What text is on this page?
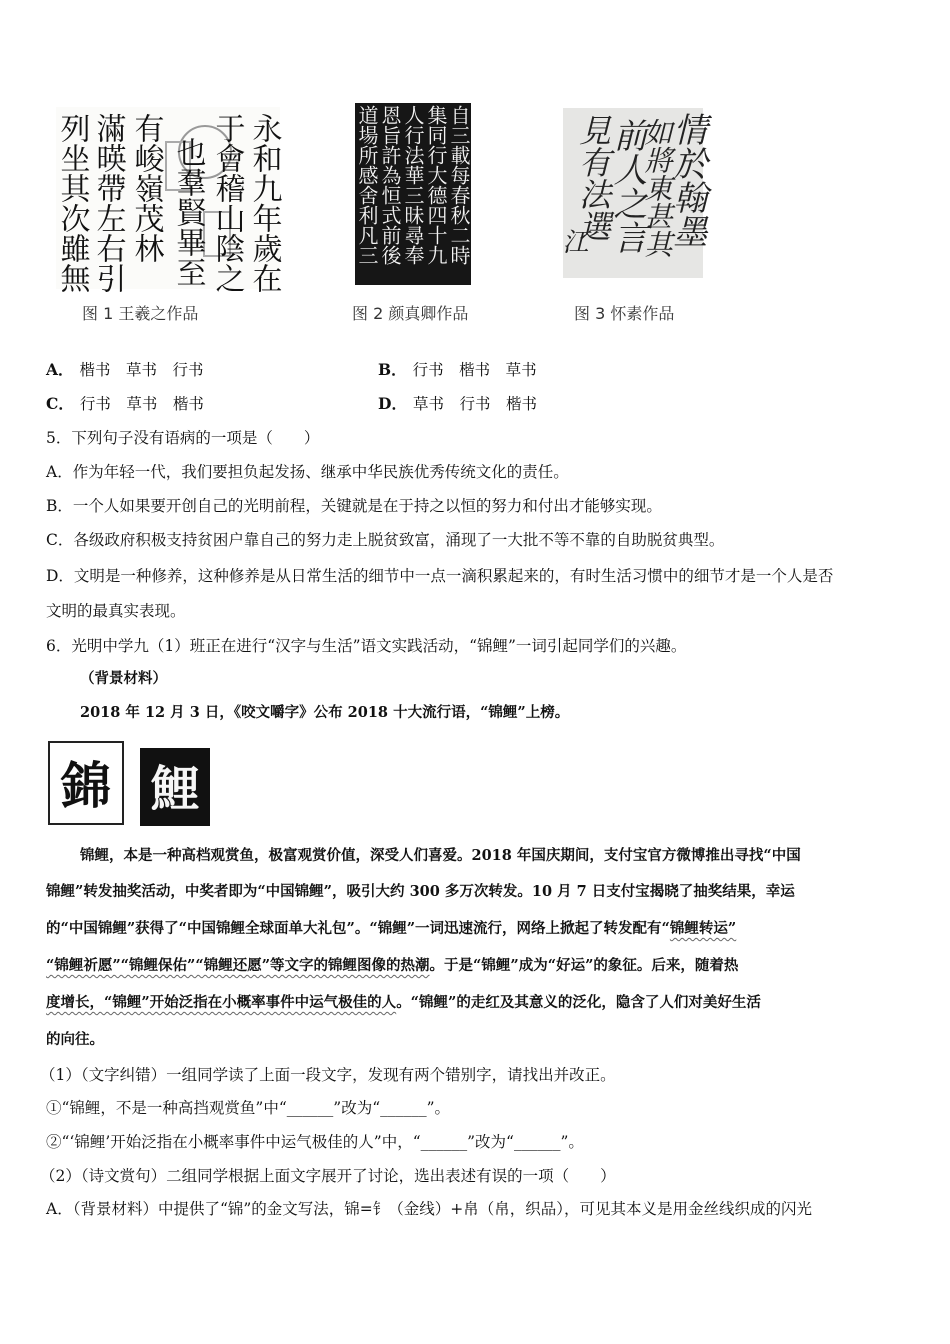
永和九年歲在
于會稽山陰之
也羣賢畢至
有峻嶺茂林
滿暎帶左右引
列坐其次雖無
图 1 王羲之作品
自三載每春秋二時
集同行大德四十九
人行法華三昧尋奉
恩旨許為恒式前後
道場所感舍利凡三
图 2 颜真卿作品
情於翰墨
如將東甚其
前人之言
見有法選
江
图 3 怀素作品
A． 楷书　草书　行书	B． 行书　楷书　草书
C． 行书　草书　楷书	D． 草书　行书　楷书
5．下列句子没有语病的一项是（　　）
A．作为年轻一代，我们要担负起发扬、继承中华民族优秀传统文化的责任。
B．一个人如果要开创自己的光明前程，关键就是在于持之以恒的努力和付出才能够实现。
C．各级政府积极支持贫困户靠自己的努力走上脱贫致富，涌现了一大批不等不靠的自助脱贫典型。
D．文明是一种修养，这种修养是从日常生活的细节中一点一滴积累起来的，有时生活习惯中的细节才是一个人是否
文明的最真实表现。
6．光明中学九（1）班正在进行“汉字与生活”语文实践活动，“锦鲤”一词引起同学们的兴趣。
（背景材料）
2018 年 12 月 3 日，《咬文嚼字》公布 2018 十大流行语，“锦鲤”上榜。
錦 鯉
锦鲤，本是一种高档观赏鱼，极富观赏价值，深受人们喜爱。2018 年国庆期间，支付宝官方微博推出寻找“中国
锦鲤”转发抽奖活动，中奖者即为“中国锦鲤”，吸引大约 300 多万次转发。10 月 7 日支付宝揭晓了抽奖结果，幸运
的“中国锦鲤”获得了“中国锦鲤全球面单大礼包”。“锦鲤”一词迅速流行，网络上掀起了转发配有“锦鲤转运”
“锦鲤祈愿”“锦鲤保佑”“锦鲤还愿”等文字的锦鲤图像的热潮。于是“锦鲤”成为“好运”的象征。后来，随着热
度增长，“锦鲤”开始泛指在小概率事件中运气极佳的人。“锦鲤”的走红及其意义的泛化，隐含了人们对美好生活
的向往。
（1）（文字纠错）一组同学读了上面一段文字，发现有两个错别字，请找出并改正。
①“锦鲤，不是一种高挡观赏鱼”中“______”改为“______”。
②“‘锦鲤’开始泛指在小概率事件中运气极佳的人”中，“______”改为“______”。
（2）（诗文赏句）二组同学根据上面文字展开了讨论，选出表述有误的一项（　　）
A．（背景材料）中提供了“锦”的金文写法，锦=钅（金线）+帛（帛，织品），可见其本义是用金丝线织成的闪光
